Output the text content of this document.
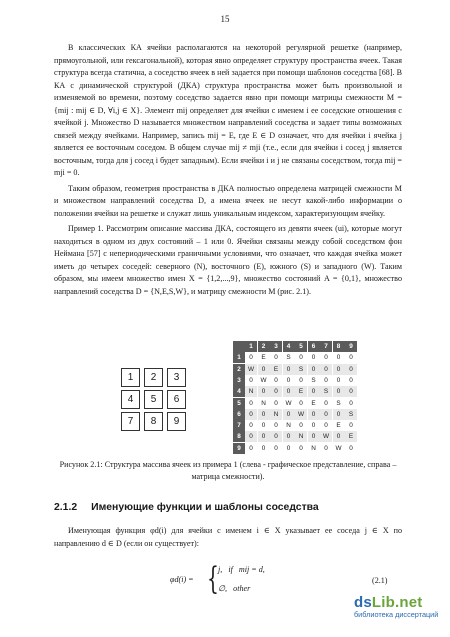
15

В классических КА ячейки располагаются на некоторой регулярной решетке (например, прямоугольной, или гексагональной), которая явно определяет структуру пространства ячеек. Такая структура всегда статична, а соседство ячеек в ней задается при помощи шаблонов соседства [68]. В КА с динамической структурой (ДКА) структура пространства может быть произвольной и изменяемой во времени, поэтому соседство задается явно при помощи матрицы смежности M = {mij : mij ∈ D, ∀i,j ∈ X}. Элемент mij определяет для ячейки с именем i ее соседские отношения с ячейкой j. Множество D называется множеством направлений соседства и задает типы возможных связей между ячейками. Например, запись mij = E, где E ∈ D означает, что для ячейки i ячейка j является ее восточным соседом. В общем случае mij ≠ mji (т.е., если для ячейки i сосед j является восточным, тогда для j сосед i будет западным). Если ячейки i и j не связаны соседством, тогда mij = mji = 0.

Таким образом, геометрия пространства в ДКА полностью определена матрицей смежности M и множеством направлений соседства D, а имена ячеек не несут какой-либо информации о положении ячейки на решетке и служат лишь уникальным индексом, характеризующим ячейку.

Пример 1. Рассмотрим описание массива ДКА, состоящего из девяти ячеек (ui), которые могут находиться в одном из двух состояний – 1 или 0. Ячейки связаны между собой соседством фон Неймана [57] с непериодическими граничными условиями, что означает, что каждая ячейка может иметь до четырех соседей: северного (N), восточного (E), южного (S) и западного (W). Таким образом, мы имеем множество имен X = {1,2,...,9}, множество состояний A = {0,1}, множество направлений соседства D = {N,E,S,W}, и матрицу смежности M (рис. 2.1).

1	2	3
4	5	6
7	8	9
1	2	3	4	5	6	7	8	9
1	0	E	0	S	0	0	0	0	0
2	W	0	E	0	S	0	0	0	0
3	0	W	0	0	0	S	0	0	0
4	N	0	0	0	E	0	S	0	0
5	0	N	0	W	0	E	0	S	0
6	0	0	N	0	W	0	0	0	S
7	0	0	0	N	0	0	0	E	0
8	0	0	0	0	N	0	W	0	E
9	0	0	0	0	0	N	0	W	0
Рисунок 2.1: Структура массива ячеек из примера 1 (слева - графическое представление, справа – матрица смежности).
2.1.2 Именующие функции и шаблоны соседства

Именующая функция φd(i) для ячейки с именем i ∈ X указывает ее соседа j ∈ X по направлению d ∈ D (если он существует):

φd(i) = { j,   if   mij = d,
∅,   other
(2.1)
dsLib.net
библиотека диссертаций
